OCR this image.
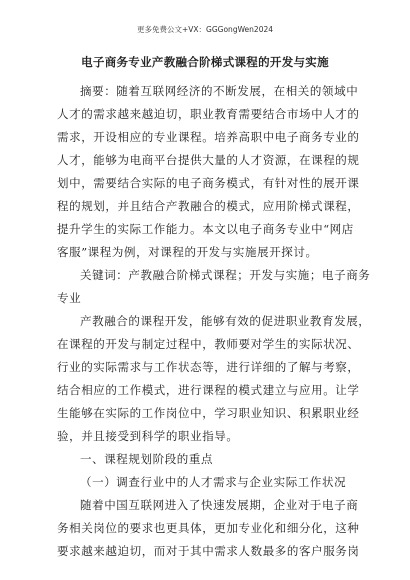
更多免费公文+VX：GGGongWen2024
电子商务专业产教融合阶梯式课程的开发与实施
摘要：随着互联网经济的不断发展，在相关的领域中
人才的需求越来越迫切，职业教育需要结合市场中人才的
需求，开设相应的专业课程。培养高职中电子商务专业的
人才，能够为电商平台提供大量的人才资源，在课程的规
划中，需要结合实际的电子商务模式，有针对性的展开课
程的规划，并且结合产教融合的模式，应用阶梯式课程，
提升学生的实际工作能力。本文以电子商务专业中“网店
客服”课程为例，对课程的开发与实施展开探讨。
关键词：产教融合阶梯式课程；开发与实施；电子商务
专业
产教融合的课程开发，能够有效的促进职业教育发展，
在课程的开发与制定过程中，教师要对学生的实际状况、
行业的实际需求与工作状态等，进行详细的了解与考察，
结合相应的工作模式，进行课程的模式建立与应用。让学
生能够在实际的工作岗位中，学习职业知识、积累职业经
验，并且接受到科学的职业指导。
一、课程规划阶段的重点
（一）调查行业中的人才需求与企业实际工作状况
随着中国互联网进入了快速发展期，企业对于电子商
务相关岗位的要求也更具体，更加专业化和细分化，这种
要求越来越迫切，而对于其中需求人数最多的客户服务岗
